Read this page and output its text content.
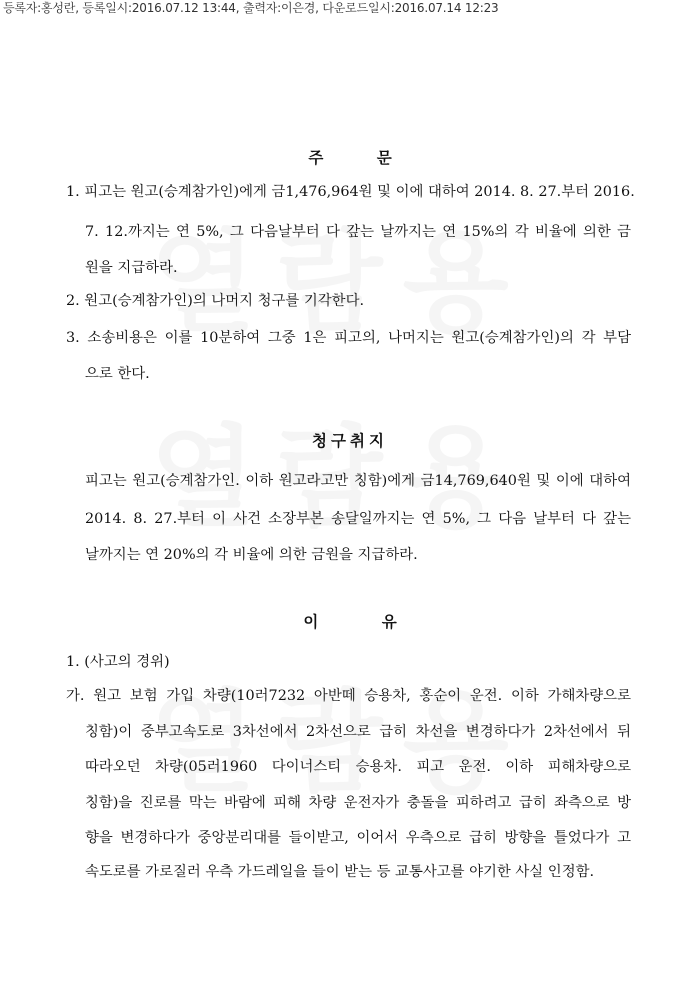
등록자:홍성란, 등록일시:2016.07.12 13:44, 출력자:이은경, 다운로드일시:2016.07.14 12:23
주 문
1. 피고는 원고(승계참가인)에게 금1,476,964원 및 이에 대하여 2014. 8. 27.부터 2016.
7. 12.까지는 연 5%, 그 다음날부터 다 갚는 날까지는 연 15%의 각 비율에 의한 금
원을 지급하라.
2. 원고(승계참가인)의 나머지 청구를 기각한다.
3. 소송비용은 이를 10분하여 그중 1은 피고의, 나머지는 원고(승계참가인)의 각 부담
으로 한다.
청구취지
피고는 원고(승계참가인. 이하 원고라고만 칭함)에게 금14,769,640원 및 이에 대하여
2014. 8. 27.부터 이 사건 소장부본 송달일까지는 연 5%, 그 다음 날부터 다 갚는
날까지는 연 20%의 각 비율에 의한 금원을 지급하라.
이 유
1. (사고의 경위)
가. 원고 보험 가입 차량(10러7232 아반떼 승용차, 홍순이 운전. 이하 가해차량으로
칭함)이 중부고속도로 3차선에서 2차선으로 급히 차선을 변경하다가 2차선에서 뒤
따라오던 차량(05러1960 다이너스티 승용차. 피고 운전. 이하 피해차량으로
칭함)을 진로를 막는 바람에 피해 차량 운전자가 충돌을 피하려고 급히 좌측으로 방
향을 변경하다가 중앙분리대를 들이받고, 이어서 우측으로 급히 방향을 틀었다가 고
속도로를 가로질러 우측 가드레일을 들이 받는 등 교통사고를 야기한 사실 인정함.
